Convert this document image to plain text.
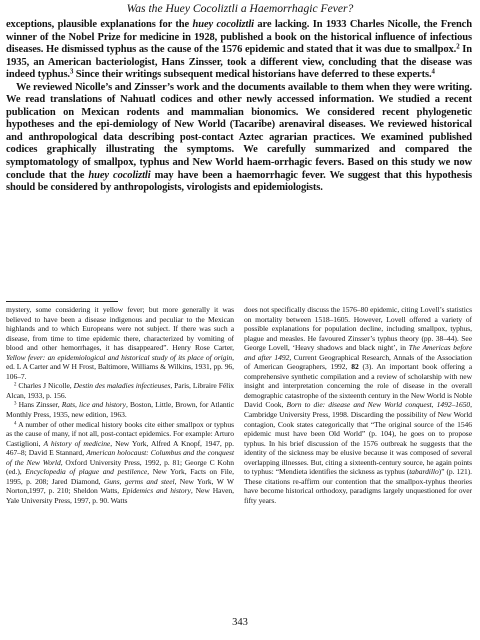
Was the Huey Cocoliztli a Haemorrhagic Fever?

exceptions, plausible explanations for the huey cocoliztli are lacking. In 1933 Charles Nicolle, the French winner of the Nobel Prize for medicine in 1928, published a book on the historical influence of infectious diseases. He dismissed typhus as the cause of the 1576 epidemic and stated that it was due to smallpox.$^2$ In 1935, an American bacteriologist, Hans Zinsser, took a different view, concluding that the disease was indeed typhus.$^3$ Since their writings subsequent medical historians have deferred to these experts.$^4$

We reviewed Nicolle’s and Zinsser’s work and the documents available to them when they were writing. We read translations of Nahuatl codices and other newly accessed information. We studied a recent publication on Mexican rodents and mammalian bionomics. We considered recent phylogenetic hypotheses and the epi-demiology of New World (Tacaribe) arenaviral diseases. We reviewed historical and anthropological data describing post-contact Aztec agrarian practices. We examined published codices graphically illustrating the symptoms. We carefully summarized and compared the symptomatology of smallpox, typhus and New World haem-orrhagic fevers. Based on this study we now conclude that the huey cocoliztli may have been a haemorrhagic fever. We suggest that this hypothesis should be considered by anthropologists, virologists and epidemiologists.

mystery, some considering it yellow fever; but more generally it was believed to have been a disease indigenous and peculiar to the Mexican highlands and to which Europeans were not subject. If there was such a disease, from time to time epidemic there, characterized by vomiting of blood and other hemorrhages, it has disappeared”. Henry Rose Carter, Yellow fever: an epidemiological and historical study of its place of origin, ed. L A Carter and W H Frost, Baltimore, Williams & Wilkins, 1931, pp. 96, 106–7.

$^2$ Charles J Nicolle, Destin des maladies infectieuses, Paris, Libraire Félix Alcan, 1933, p. 156.

$^3$ Hans Zinsser, Rats, lice and history, Boston, Little, Brown, for Atlantic Monthly Press, 1935, new edition, 1963.

$^4$ A number of other medical history books cite either smallpox or typhus as the cause of many, if not all, post-contact epidemics. For example: Arturo Castiglioni, A history of medicine, New York, Alfred A Knopf, 1947, pp. 467–8; David E Stannard, American holocaust: Columbus and the conquest of the New World, Oxford University Press, 1992, p. 81; George C Kohn (ed.), Encyclopedia of plague and pestilence, New York, Facts on File, 1995, p. 208; Jared Diamond, Guns, germs and steel, New York, W W Norton,1997, p. 210; Sheldon Watts, Epidemics and history, New Haven, Yale University Press, 1997, p. 90. Watts

does not specifically discuss the 1576–80 epidemic, citing Lovell’s statistics on mortality between 1518–1605. However, Lovell offered a variety of possible explanations for population decline, including smallpox, typhus, plague and measles. He favoured Zinsser’s typhus theory (pp. 38–44). See George Lovell, ‘Heavy shadows and black night’, in The Americas before and after 1492, Current Geographical Research, Annals of the Association of American Geographers, 1992, 82 (3). An important book offering a comprehensive synthetic compilation and a review of scholarship with new insight and interpretation concerning the role of disease in the overall demographic catastrophe of the sixteenth century in the New World is Noble David Cook, Born to die: disease and New World conquest, 1492–1650, Cambridge University Press, 1998. Discarding the possibility of New World contagion, Cook states categorically that “The original source of the 1546 epidemic must have been Old World” (p. 104), he goes on to propose typhus. In his brief discussion of the 1576 outbreak he suggests that the identity of the sickness may be elusive because it was composed of several overlapping illnesses. But, citing a sixteenth-century source, he again points to typhus: “Mendieta identifies the sickness as typhus (tabardillo)” (p. 121). These citations re-affirm our contention that the smallpox-typhus theories have become historical orthodoxy, paradigms largely unquestioned for over fifty years.

343
